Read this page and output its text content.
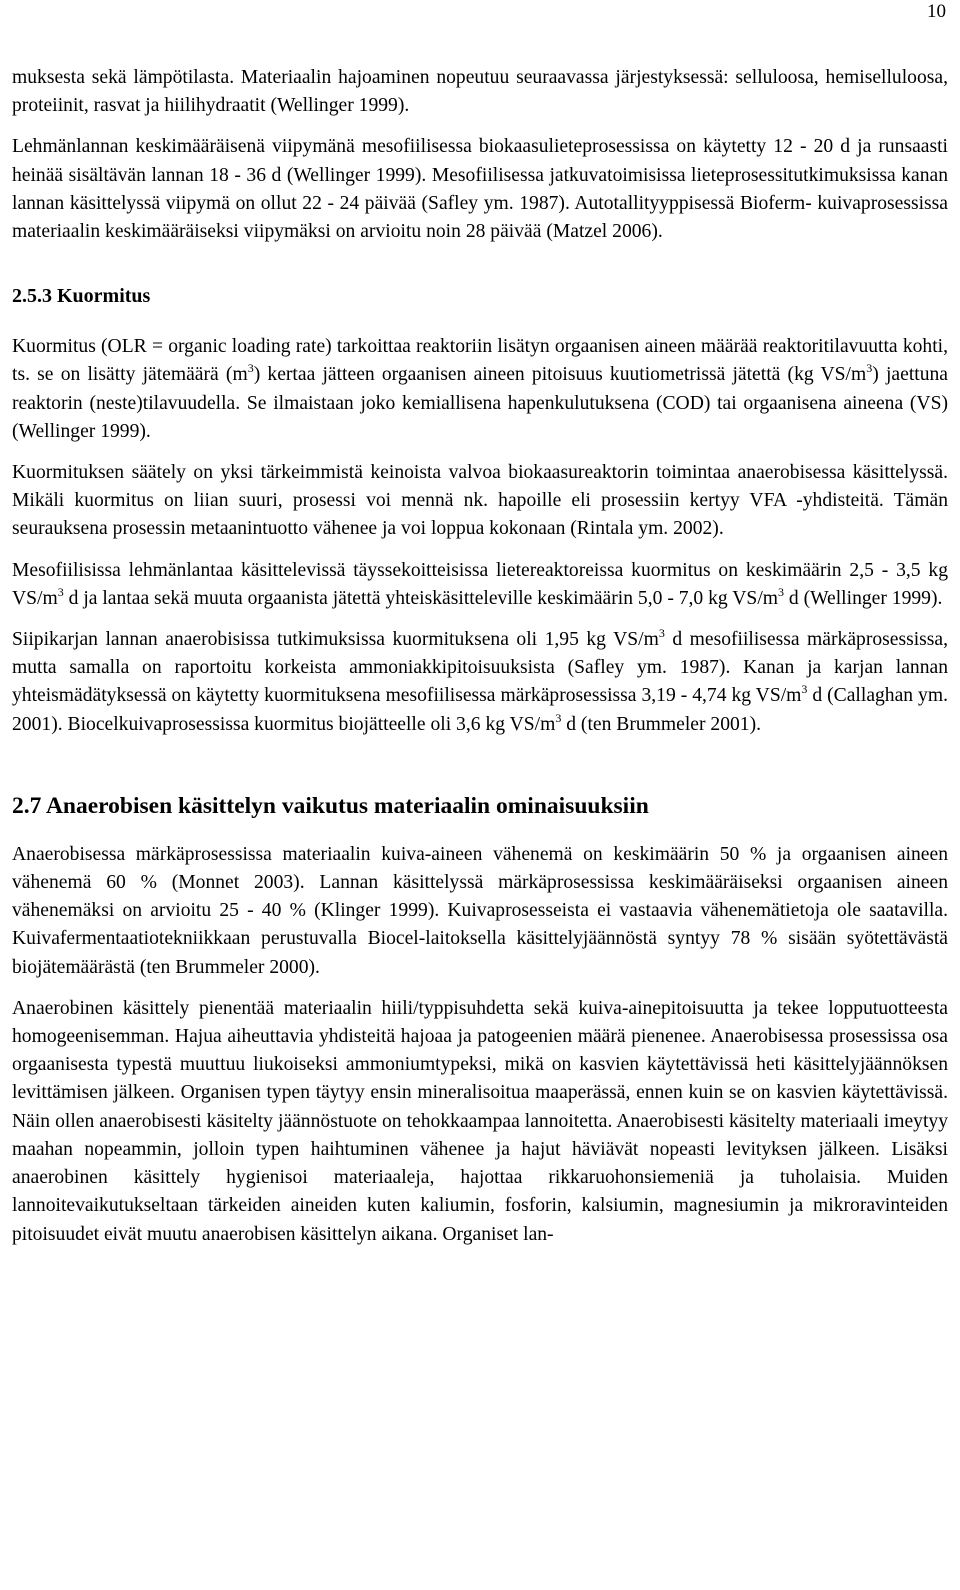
10

muksesta sekä lämpötilasta. Materiaalin hajoaminen nopeutuu seuraavassa järjestyksessä: selluloosa, hemiselluloosa, proteiinit, rasvat ja hiilihydraatit (Wellinger 1999).

Lehmänlannan keskimääräisenä viipymänä mesofiilisessa biokaasulieteprosessissa on käytetty 12 - 20 d ja runsaasti heinää sisältävän lannan 18 - 36 d (Wellinger 1999). Mesofiilisessa jatkuvatoimisissa lieteprosessitutkimuksissa kanan lannan käsittelyssä viipymä on ollut 22 - 24 päivää (Safley ym. 1987). Autotallityyppisessä Bioferm- kuivaprosessissa materiaalin keskimääräiseksi viipymäksi on arvioitu noin 28 päivää (Matzel 2006).

2.5.3 Kuormitus

Kuormitus (OLR = organic loading rate) tarkoittaa reaktoriin lisätyn orgaanisen aineen määrää reaktoritilavuutta kohti, ts. se on lisätty jätemäärä $(m^3)$ kertaa jätteen orgaanisen aineen pitoisuus kuutiometrissä jätettä (kg $VS/m^3$) jaettuna reaktorin (neste)tilavuudella. Se ilmaistaan joko kemiallisena hapenkulutuksena (COD) tai orgaanisena aineena (VS) (Wellinger 1999).

Kuormituksen säätely on yksi tärkeimmistä keinoista valvoa biokaasureaktorin toimintaa anaerobisessa käsittelyssä. Mikäli kuormitus on liian suuri, prosessi voi mennä nk. hapoille eli prosessiin kertyy VFA -yhdisteitä. Tämän seurauksena prosessin metaanintuotto vähenee ja voi loppua kokonaan (Rintala ym. 2002).

Mesofiilisissa lehmänlantaa käsittelevissä täyssekoitteisissa lietereaktoreissa kuormitus on keskimäärin 2,5 - 3,5 kg $VS/m^3$ d ja lantaa sekä muuta orgaanista jätettä yhteiskäsitteleville keskimäärin 5,0 - 7,0 kg $VS/m^3$ d (Wellinger 1999).

Siipikarjan lannan anaerobisissa tutkimuksissa kuormituksena oli 1,95 kg $VS/m^3$ d mesofiilisessa märkäprosessissa, mutta samalla on raportoitu korkeista ammoniakkipitoisuuksista (Safley ym. 1987). Kanan ja karjan lannan yhteismädätyksessä on käytetty kuormituksena mesofiilisessa märkäprosessissa 3,19 - 4,74 kg $VS/m^3$ d (Callaghan ym. 2001). Biocelkuivaprosessissa kuormitus biojätteelle oli 3,6 kg $VS/m^3$ d (ten Brummeler 2001).

2.7 Anaerobisen käsittelyn vaikutus materiaalin ominaisuuksiin

Anaerobisessa märkäprosessissa materiaalin kuiva-aineen vähenemä on keskimäärin 50 % ja orgaanisen aineen vähenemä 60 % (Monnet 2003). Lannan käsittelyssä märkäprosessissa keskimääräiseksi orgaanisen aineen vähenemäksi on arvioitu 25 - 40 % (Klinger 1999). Kuivaprosesseista ei vastaavia vähenemätietoja ole saatavilla. Kuivafermentaatiotekniikkaan perustuvalla Biocel-laitoksella käsittelyjäännöstä syntyy 78 % sisään syötettävästä biojätemäärästä (ten Brummeler 2000).

Anaerobinen käsittely pienentää materiaalin hiili/typpisuhdetta sekä kuiva-ainepitoisuutta ja tekee lopputuotteesta homogeenisemman. Hajua aiheuttavia yhdisteitä hajoaa ja patogeenien määrä pienenee. Anaerobisessa prosessissa osa orgaanisesta typestä muuttuu liukoiseksi ammoniumtypeksi, mikä on kasvien käytettävissä heti käsittelyjäännöksen levittämisen jälkeen. Organisen typen täytyy ensin mineralisoitua maaperässä, ennen kuin se on kasvien käytettävissä. Näin ollen anaerobisesti käsitelty jäännöstuote on tehokkaampaa lannoitetta. Anaerobisesti käsitelty materiaali imeytyy maahan nopeammin, jolloin typen haihtuminen vähenee ja hajut häviävät nopeasti levityksen jälkeen. Lisäksi anaerobinen käsittely hygienisoi materiaaleja, hajottaa rikkaruohonsiemeniä ja tuholaisia. Muiden lannoitevaikutukseltaan tärkeiden aineiden kuten kaliumin, fosforin, kalsiumin, magnesiumin ja mikroravinteiden pitoisuudet eivät muutu anaerobisen käsittelyn aikana. Organiset lan-
